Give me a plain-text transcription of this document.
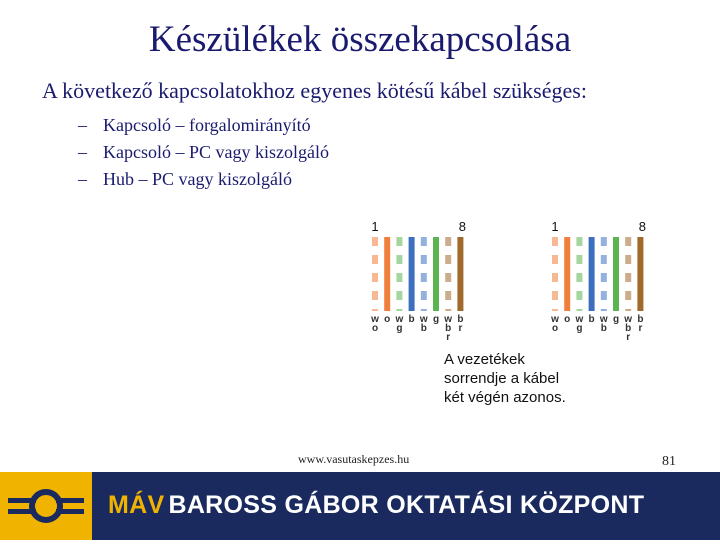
Készülékek összekapcsolása
A következő kapcsolatokhoz egyenes kötésű kábel szükséges:
– Kapcsoló – forgalomirányító
– Kapcsoló – PC vagy kiszolgáló
– Hub – PC vagy kiszolgáló
1	8
w
o
o w
g
b w
b
g w
b
r
b
r
1	8
w
o
o w
g
b w
b
g w
b
r
b
r
A vezetékek
sorrendje a kábel
két végén azonos.
www.vasutaskepzes.hu	81
MÁV BAROSS GÁBOR OKTATÁSI KÖZPONT
